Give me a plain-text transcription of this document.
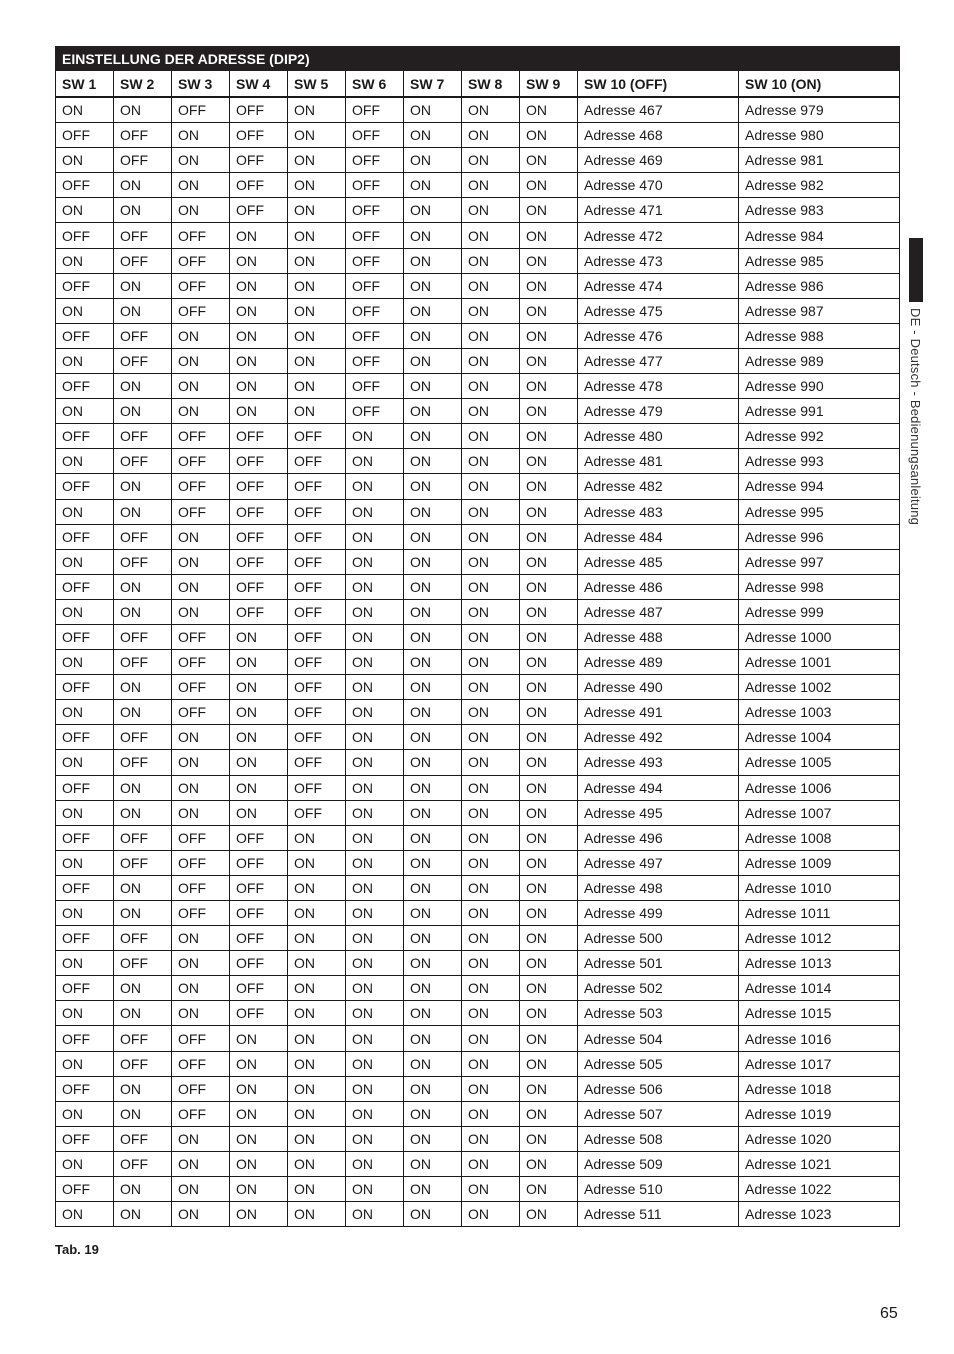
EINSTELLUNG DER ADRESSE (DIP2)										
SW 1	SW 2	SW 3	SW 4	SW 5	SW 6	SW 7	SW 8	SW 9	SW 10 (OFF)	SW 10 (ON)
ON	ON	OFF	OFF	ON	OFF	ON	ON	ON	Adresse 467	Adresse 979
OFF	OFF	ON	OFF	ON	OFF	ON	ON	ON	Adresse 468	Adresse 980
ON	OFF	ON	OFF	ON	OFF	ON	ON	ON	Adresse 469	Adresse 981
OFF	ON	ON	OFF	ON	OFF	ON	ON	ON	Adresse 470	Adresse 982
ON	ON	ON	OFF	ON	OFF	ON	ON	ON	Adresse 471	Adresse 983
OFF	OFF	OFF	ON	ON	OFF	ON	ON	ON	Adresse 472	Adresse 984
ON	OFF	OFF	ON	ON	OFF	ON	ON	ON	Adresse 473	Adresse 985
OFF	ON	OFF	ON	ON	OFF	ON	ON	ON	Adresse 474	Adresse 986
ON	ON	OFF	ON	ON	OFF	ON	ON	ON	Adresse 475	Adresse 987
OFF	OFF	ON	ON	ON	OFF	ON	ON	ON	Adresse 476	Adresse 988
ON	OFF	ON	ON	ON	OFF	ON	ON	ON	Adresse 477	Adresse 989
OFF	ON	ON	ON	ON	OFF	ON	ON	ON	Adresse 478	Adresse 990
ON	ON	ON	ON	ON	OFF	ON	ON	ON	Adresse 479	Adresse 991
OFF	OFF	OFF	OFF	OFF	ON	ON	ON	ON	Adresse 480	Adresse 992
ON	OFF	OFF	OFF	OFF	ON	ON	ON	ON	Adresse 481	Adresse 993
OFF	ON	OFF	OFF	OFF	ON	ON	ON	ON	Adresse 482	Adresse 994
ON	ON	OFF	OFF	OFF	ON	ON	ON	ON	Adresse 483	Adresse 995
OFF	OFF	ON	OFF	OFF	ON	ON	ON	ON	Adresse 484	Adresse 996
ON	OFF	ON	OFF	OFF	ON	ON	ON	ON	Adresse 485	Adresse 997
OFF	ON	ON	OFF	OFF	ON	ON	ON	ON	Adresse 486	Adresse 998
ON	ON	ON	OFF	OFF	ON	ON	ON	ON	Adresse 487	Adresse 999
OFF	OFF	OFF	ON	OFF	ON	ON	ON	ON	Adresse 488	Adresse 1000
ON	OFF	OFF	ON	OFF	ON	ON	ON	ON	Adresse 489	Adresse 1001
OFF	ON	OFF	ON	OFF	ON	ON	ON	ON	Adresse 490	Adresse 1002
ON	ON	OFF	ON	OFF	ON	ON	ON	ON	Adresse 491	Adresse 1003
OFF	OFF	ON	ON	OFF	ON	ON	ON	ON	Adresse 492	Adresse 1004
ON	OFF	ON	ON	OFF	ON	ON	ON	ON	Adresse 493	Adresse 1005
OFF	ON	ON	ON	OFF	ON	ON	ON	ON	Adresse 494	Adresse 1006
ON	ON	ON	ON	OFF	ON	ON	ON	ON	Adresse 495	Adresse 1007
OFF	OFF	OFF	OFF	ON	ON	ON	ON	ON	Adresse 496	Adresse 1008
ON	OFF	OFF	OFF	ON	ON	ON	ON	ON	Adresse 497	Adresse 1009
OFF	ON	OFF	OFF	ON	ON	ON	ON	ON	Adresse 498	Adresse 1010
ON	ON	OFF	OFF	ON	ON	ON	ON	ON	Adresse 499	Adresse 1011
OFF	OFF	ON	OFF	ON	ON	ON	ON	ON	Adresse 500	Adresse 1012
ON	OFF	ON	OFF	ON	ON	ON	ON	ON	Adresse 501	Adresse 1013
OFF	ON	ON	OFF	ON	ON	ON	ON	ON	Adresse 502	Adresse 1014
ON	ON	ON	OFF	ON	ON	ON	ON	ON	Adresse 503	Adresse 1015
OFF	OFF	OFF	ON	ON	ON	ON	ON	ON	Adresse 504	Adresse 1016
ON	OFF	OFF	ON	ON	ON	ON	ON	ON	Adresse 505	Adresse 1017
OFF	ON	OFF	ON	ON	ON	ON	ON	ON	Adresse 506	Adresse 1018
ON	ON	OFF	ON	ON	ON	ON	ON	ON	Adresse 507	Adresse 1019
OFF	OFF	ON	ON	ON	ON	ON	ON	ON	Adresse 508	Adresse 1020
ON	OFF	ON	ON	ON	ON	ON	ON	ON	Adresse 509	Adresse 1021
OFF	ON	ON	ON	ON	ON	ON	ON	ON	Adresse 510	Adresse 1022
ON	ON	ON	ON	ON	ON	ON	ON	ON	Adresse 511	Adresse 1023
Tab. 19
DE - Deutsch - Bedienungsanleitung
65
